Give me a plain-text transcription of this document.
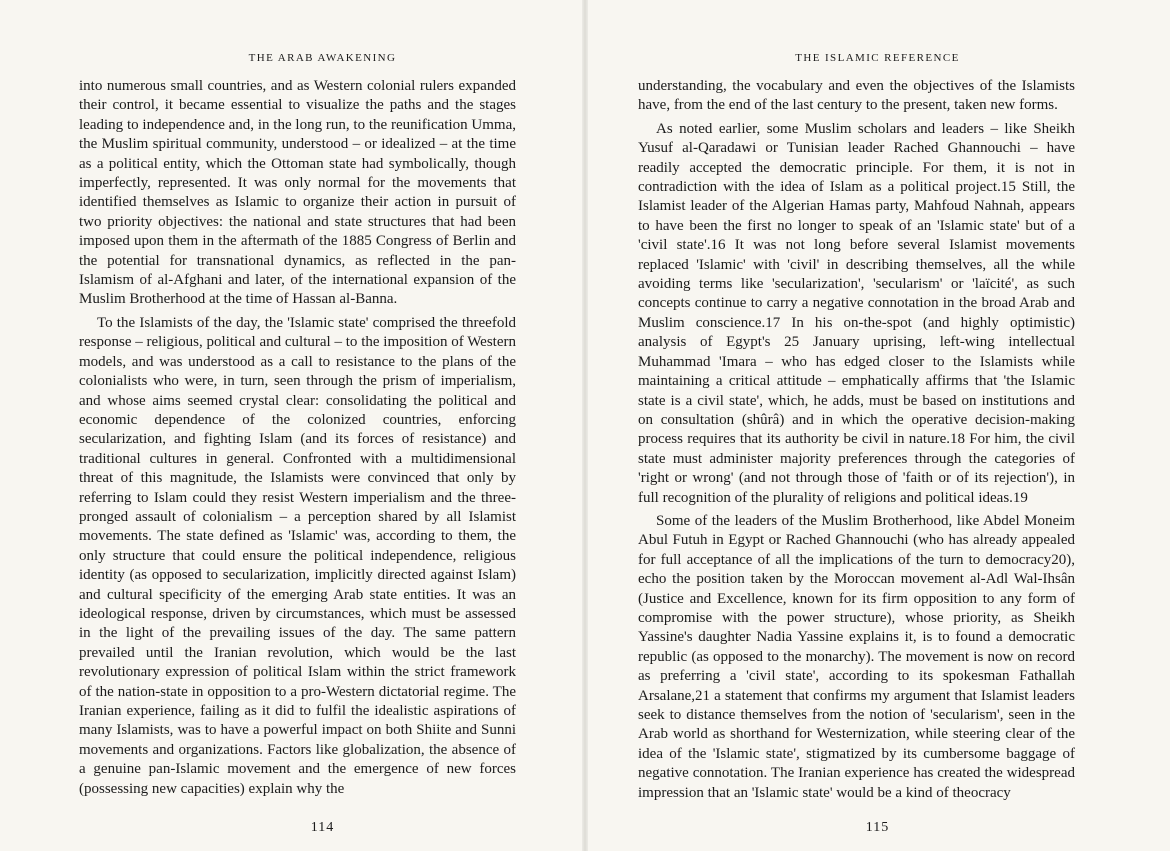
THE ARAB AWAKENING

into numerous small countries, and as Western colonial rulers expanded their control, it became essential to visualize the paths and the stages leading to independence and, in the long run, to the reunification Umma, the Muslim spiritual community, understood – or idealized – at the time as a political entity, which the Ottoman state had symbolically, though imperfectly, represented. It was only normal for the movements that identified themselves as Islamic to organize their action in pursuit of two priority objectives: the national and state structures that had been imposed upon them in the aftermath of the 1885 Congress of Berlin and the potential for transnational dynamics, as reflected in the pan-Islamism of al-Afghani and later, of the international expansion of the Muslim Brotherhood at the time of Hassan al-Banna.

To the Islamists of the day, the 'Islamic state' comprised the threefold response – religious, political and cultural – to the imposition of Western models, and was understood as a call to resistance to the plans of the colonialists who were, in turn, seen through the prism of imperialism, and whose aims seemed crystal clear: consolidating the political and economic dependence of the colonized countries, enforcing secularization, and fighting Islam (and its forces of resistance) and traditional cultures in general. Confronted with a multidimensional threat of this magnitude, the Islamists were convinced that only by referring to Islam could they resist Western imperialism and the three-pronged assault of colonialism – a perception shared by all Islamist movements. The state defined as 'Islamic' was, according to them, the only structure that could ensure the political independence, religious identity (as opposed to secularization, implicitly directed against Islam) and cultural specificity of the emerging Arab state entities. It was an ideological response, driven by circumstances, which must be assessed in the light of the prevailing issues of the day. The same pattern prevailed until the Iranian revolution, which would be the last revolutionary expression of political Islam within the strict framework of the nation-state in opposition to a pro-Western dictatorial regime. The Iranian experience, failing as it did to fulfil the idealistic aspirations of many Islamists, was to have a powerful impact on both Shiite and Sunni movements and organizations. Factors like globalization, the absence of a genuine pan-Islamic movement and the emergence of new forces (possessing new capacities) explain why the

114
THE ISLAMIC REFERENCE

understanding, the vocabulary and even the objectives of the Islamists have, from the end of the last century to the present, taken new forms.

As noted earlier, some Muslim scholars and leaders – like Sheikh Yusuf al-Qaradawi or Tunisian leader Rached Ghannouchi – have readily accepted the democratic principle. For them, it is not in contradiction with the idea of Islam as a political project.15 Still, the Islamist leader of the Algerian Hamas party, Mahfoud Nahnah, appears to have been the first no longer to speak of an 'Islamic state' but of a 'civil state'.16 It was not long before several Islamist movements replaced 'Islamic' with 'civil' in describing themselves, all the while avoiding terms like 'secularization', 'secularism' or 'laïcité', as such concepts continue to carry a negative connotation in the broad Arab and Muslim conscience.17 In his on-the-spot (and highly optimistic) analysis of Egypt's 25 January uprising, left-wing intellectual Muhammad 'Imara – who has edged closer to the Islamists while maintaining a critical attitude – emphatically affirms that 'the Islamic state is a civil state', which, he adds, must be based on institutions and on consultation (shûrâ) and in which the operative decision-making process requires that its authority be civil in nature.18 For him, the civil state must administer majority preferences through the categories of 'right or wrong' (and not through those of 'faith or of its rejection'), in full recognition of the plurality of religions and political ideas.19

Some of the leaders of the Muslim Brotherhood, like Abdel Moneim Abul Futuh in Egypt or Rached Ghannouchi (who has already appealed for full acceptance of all the implications of the turn to democracy20), echo the position taken by the Moroccan movement al-Adl Wal-Ihsân (Justice and Excellence, known for its firm opposition to any form of compromise with the power structure), whose priority, as Sheikh Yassine's daughter Nadia Yassine explains it, is to found a democratic republic (as opposed to the monarchy). The movement is now on record as preferring a 'civil state', according to its spokesman Fathallah Arsalane,21 a statement that confirms my argument that Islamist leaders seek to distance themselves from the notion of 'secularism', seen in the Arab world as shorthand for Westernization, while steering clear of the idea of the 'Islamic state', stigmatized by its cumbersome baggage of negative connotation. The Iranian experience has created the widespread impression that an 'Islamic state' would be a kind of theocracy

115
